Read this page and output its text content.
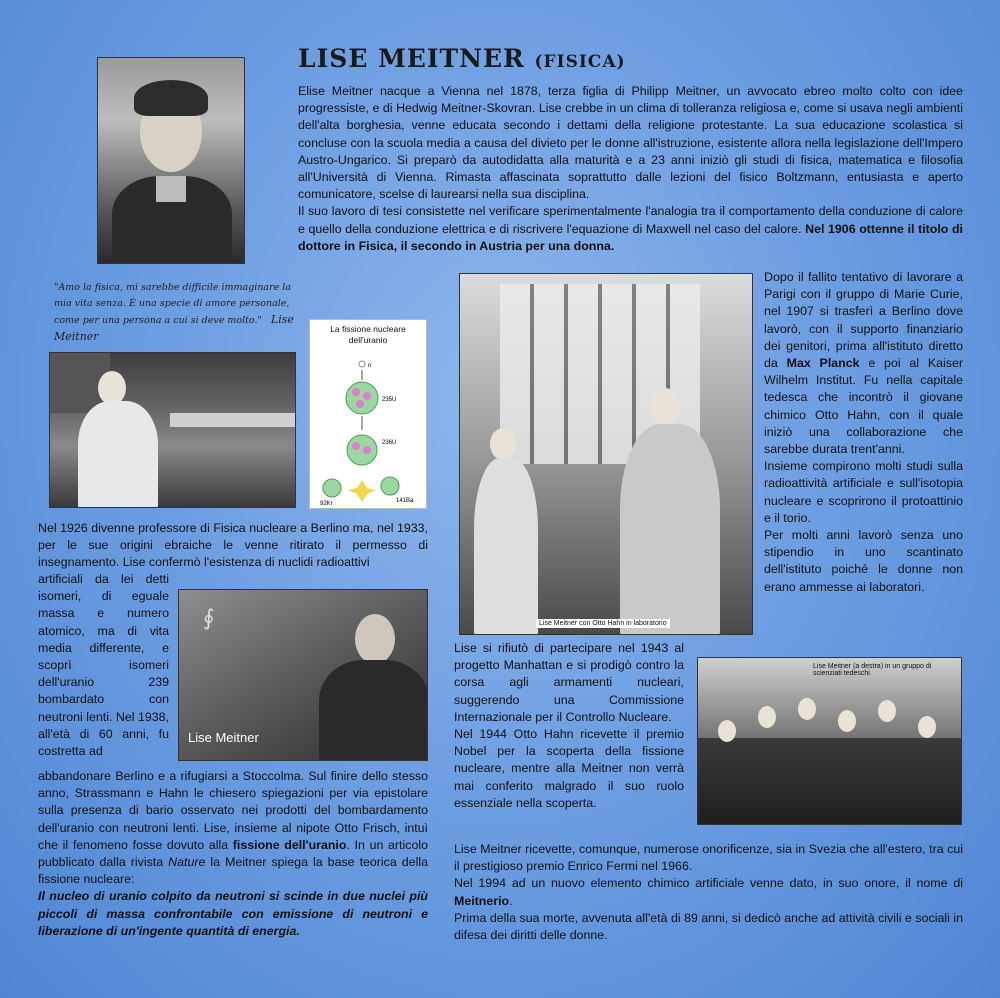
LISE MEITNER (FISICA)
Elise Meitner nacque a Vienna nel 1878, terza figlia di Philipp Meitner, un avvocato ebreo molto colto con idee progressiste, e di Hedwig Meitner-Skovran. Lise crebbe in un clima di tolleranza religiosa e, come si usava negli ambienti dell'alta borghesia, venne educata secondo i dettami della religione protestante. La sua educazione scolastica si concluse con la scuola media a causa del divieto per le donne all'istruzione, esistente allora nella legislazione dell'Impero Austro-Ungarico. Si preparò da autodidatta alla maturità e a 23 anni iniziò gli studi di fisica, matematica e filosofia all'Università di Vienna. Rimasta affascinata soprattutto dalle lezioni del fisico Boltzmann, entusiasta e aperto comunicatore, scelse di laurearsi nella sua disciplina.
Il suo lavoro di tesi consistette nel verificare sperimentalmente l'analogia tra il comportamento della conduzione di calore e quello della conduzione elettrica e di riscrivere l'equazione di Maxwell nel caso del calore. Nel 1906 ottenne il titolo di dottore in Fisica, il secondo in Austria per una donna.
"Amo la fisica, mi sarebbe difficile immaginare la mia vita senza. È una specie di amore personale, come per una persona a cui si deve molto." Lise Meitner
La fissione nucleare dell'uranio
n
235U
236U
92Kr	141Ba
Lise Meitner con Otto Hahn in laboratorio
Dopo il fallito tentativo di lavorare a Parigi con il gruppo di Marie Curie, nel 1907 si trasferì a Berlino dove lavorò, con il supporto finanziario dei genitori, prima all'istituto diretto da Max Planck e poi al Kaiser Wilhelm Institut. Fu nella capitale tedesca che incontrò il giovane chimico Otto Hahn, con il quale iniziò una collaborazione che sarebbe durata trent'anni.
Insieme compirono molti studi sulla radioattività artificiale e sull'isotopia nucleare e scoprirono il protoattinio e il torio.
Per molti anni lavorò senza uno stipendio in uno scantinato dell'istituto poiché le donne non erano ammesse ai laboratori.
Nel 1926 divenne professore di Fisica nucleare a Berlino ma, nel 1933, per le sue origini ebraiche le venne ritirato il permesso di insegnamento. Lise confermò l'esistenza di nuclidi radioattivi
artificiali da lei detti isomeri, di eguale massa e numero atomico, ma di vita media differente, e scoprì isomeri dell'uranio 239 bombardato con neutroni lenti. Nel 1938, all'età di 60 anni, fu costretta ad
∮
Lise Meitner
abbandonare Berlino e a rifugiarsi a Stoccolma. Sul finire dello stesso anno, Strassmann e Hahn le chiesero spiegazioni per via epistolare sulla presenza di bario osservato nei prodotti del bombardamento dell'uranio con neutroni lenti. Lise, insieme al nipote Otto Frisch, intuì che il fenomeno fosse dovuto alla fissione dell'uranio. In un articolo pubblicato dalla rivista Nature la Meitner spiega la base teorica della fissione nucleare:
Il nucleo di uranio colpito da neutroni si scinde in due nuclei più piccoli di massa confrontabile con emissione di neutroni e liberazione di un'ingente quantità di energia.
Lise si rifiutò di partecipare nel 1943 al progetto Manhattan e si prodigò contro la corsa agli armamenti nucleari, suggerendo una Commissione Internazionale per il Controllo Nucleare.
Nel 1944 Otto Hahn ricevette il premio Nobel per la scoperta della fissione nucleare, mentre alla Meitner non verrà mai conferito malgrado il suo ruolo essenziale nella scoperta.
Lise Meitner (a destra) in un gruppo di scienziati tedeschi
Lise Meitner ricevette, comunque, numerose onorificenze, sia in Svezia che all'estero, tra cui il prestigioso premio Enrico Fermi nel 1966.
Nel 1994 ad un nuovo elemento chimico artificiale venne dato, in suo onore, il nome di Meitnerio.
Prima della sua morte, avvenuta all'età di 89 anni, si dedicò anche ad attività civili e sociali in difesa dei diritti delle donne.
